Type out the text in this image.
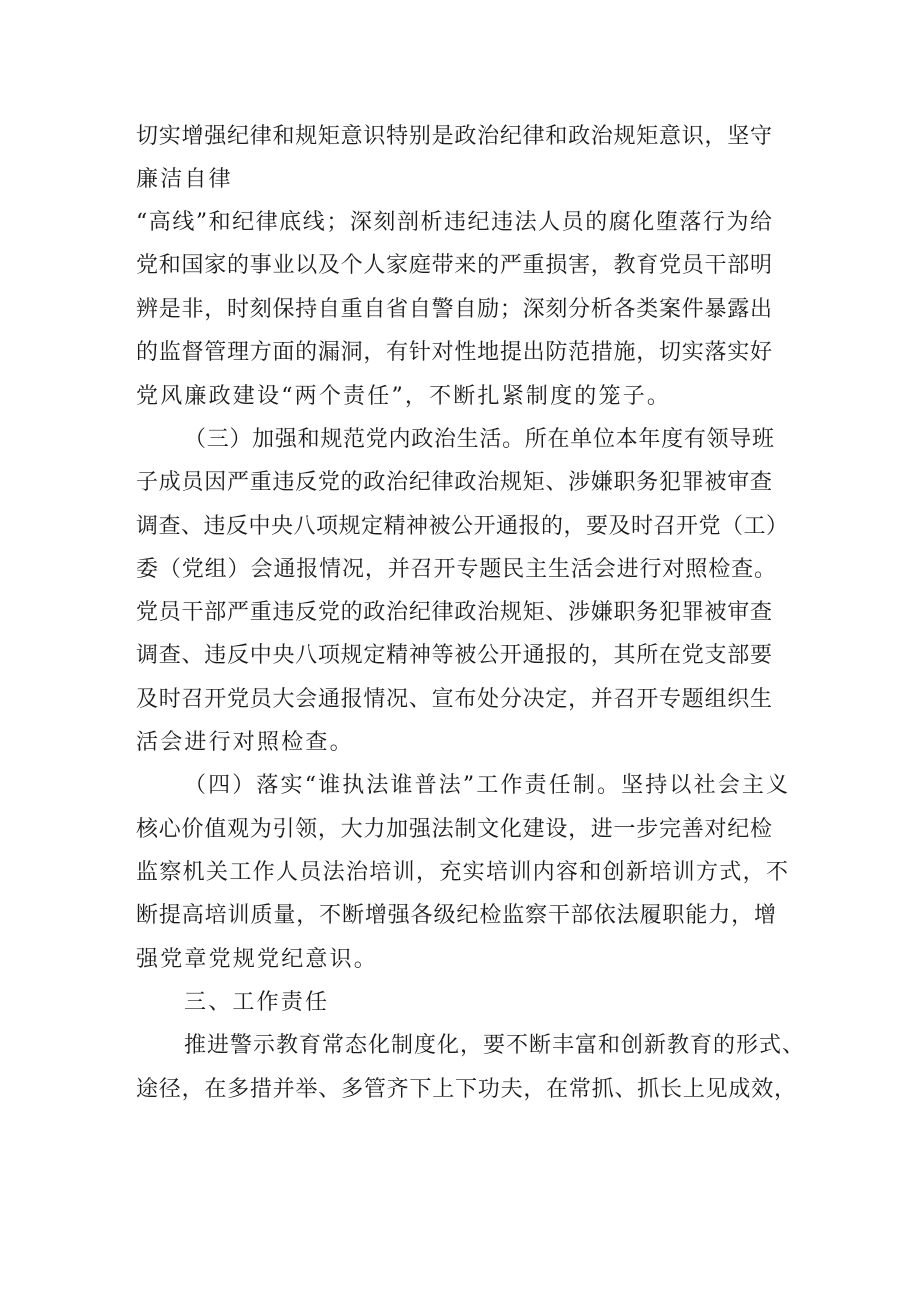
切实增强纪律和规矩意识特别是政治纪律和政治规矩意识，坚守
廉洁自律
“高线”和纪律底线；深刻剖析违纪违法人员的腐化堕落行为给
党和国家的事业以及个人家庭带来的严重损害，教育党员干部明
辨是非，时刻保持自重自省自警自励；深刻分析各类案件暴露出
的监督管理方面的漏洞，有针对性地提出防范措施，切实落实好
党风廉政建设“两个责任”，不断扎紧制度的笼子。
（三）加强和规范党内政治生活。所在单位本年度有领导班
子成员因严重违反党的政治纪律政治规矩、涉嫌职务犯罪被审查
调查、违反中央八项规定精神被公开通报的，要及时召开党（工）
委（党组）会通报情况，并召开专题民主生活会进行对照检查。
党员干部严重违反党的政治纪律政治规矩、涉嫌职务犯罪被审查
调查、违反中央八项规定精神等被公开通报的，其所在党支部要
及时召开党员大会通报情况、宣布处分决定，并召开专题组织生
活会进行对照检查。
（四）落实“谁执法谁普法”工作责任制。坚持以社会主义
核心价值观为引领，大力加强法制文化建设，进一步完善对纪检
监察机关工作人员法治培训，充实培训内容和创新培训方式，不
断提高培训质量，不断增强各级纪检监察干部依法履职能力，增
强党章党规党纪意识。
三、工作责任
推进警示教育常态化制度化，要不断丰富和创新教育的形式、
途径，在多措并举、多管齐下上下功夫，在常抓、抓长上见成效，
